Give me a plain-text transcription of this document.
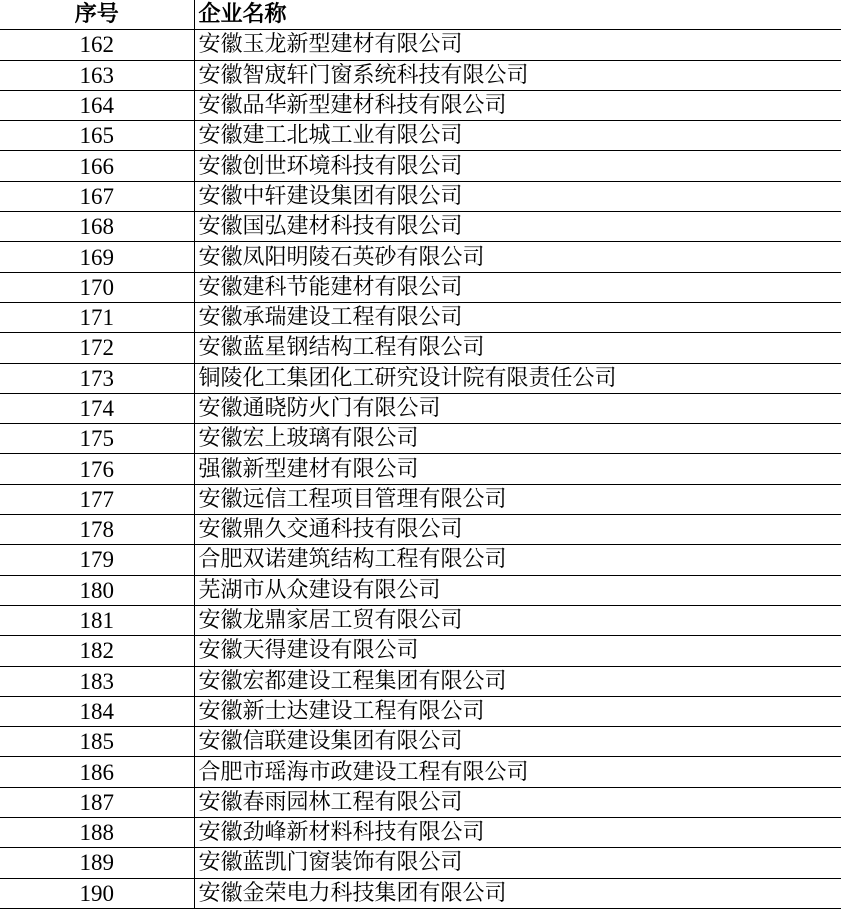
序号	企业名称
162	安徽玉龙新型建材有限公司
163	安徽智宬轩门窗系统科技有限公司
164	安徽品华新型建材科技有限公司
165	安徽建工北城工业有限公司
166	安徽创世环境科技有限公司
167	安徽中轩建设集团有限公司
168	安徽国弘建材科技有限公司
169	安徽凤阳明陵石英砂有限公司
170	安徽建科节能建材有限公司
171	安徽承瑞建设工程有限公司
172	安徽蓝星钢结构工程有限公司
173	铜陵化工集团化工研究设计院有限责任公司
174	安徽通晓防火门有限公司
175	安徽宏上玻璃有限公司
176	强徽新型建材有限公司
177	安徽远信工程项目管理有限公司
178	安徽鼎久交通科技有限公司
179	合肥双诺建筑结构工程有限公司
180	芜湖市从众建设有限公司
181	安徽龙鼎家居工贸有限公司
182	安徽天得建设有限公司
183	安徽宏都建设工程集团有限公司
184	安徽新士达建设工程有限公司
185	安徽信联建设集团有限公司
186	合肥市瑶海市政建设工程有限公司
187	安徽春雨园林工程有限公司
188	安徽劲峰新材料科技有限公司
189	安徽蓝凯门窗装饰有限公司
190	安徽金荣电力科技集团有限公司
